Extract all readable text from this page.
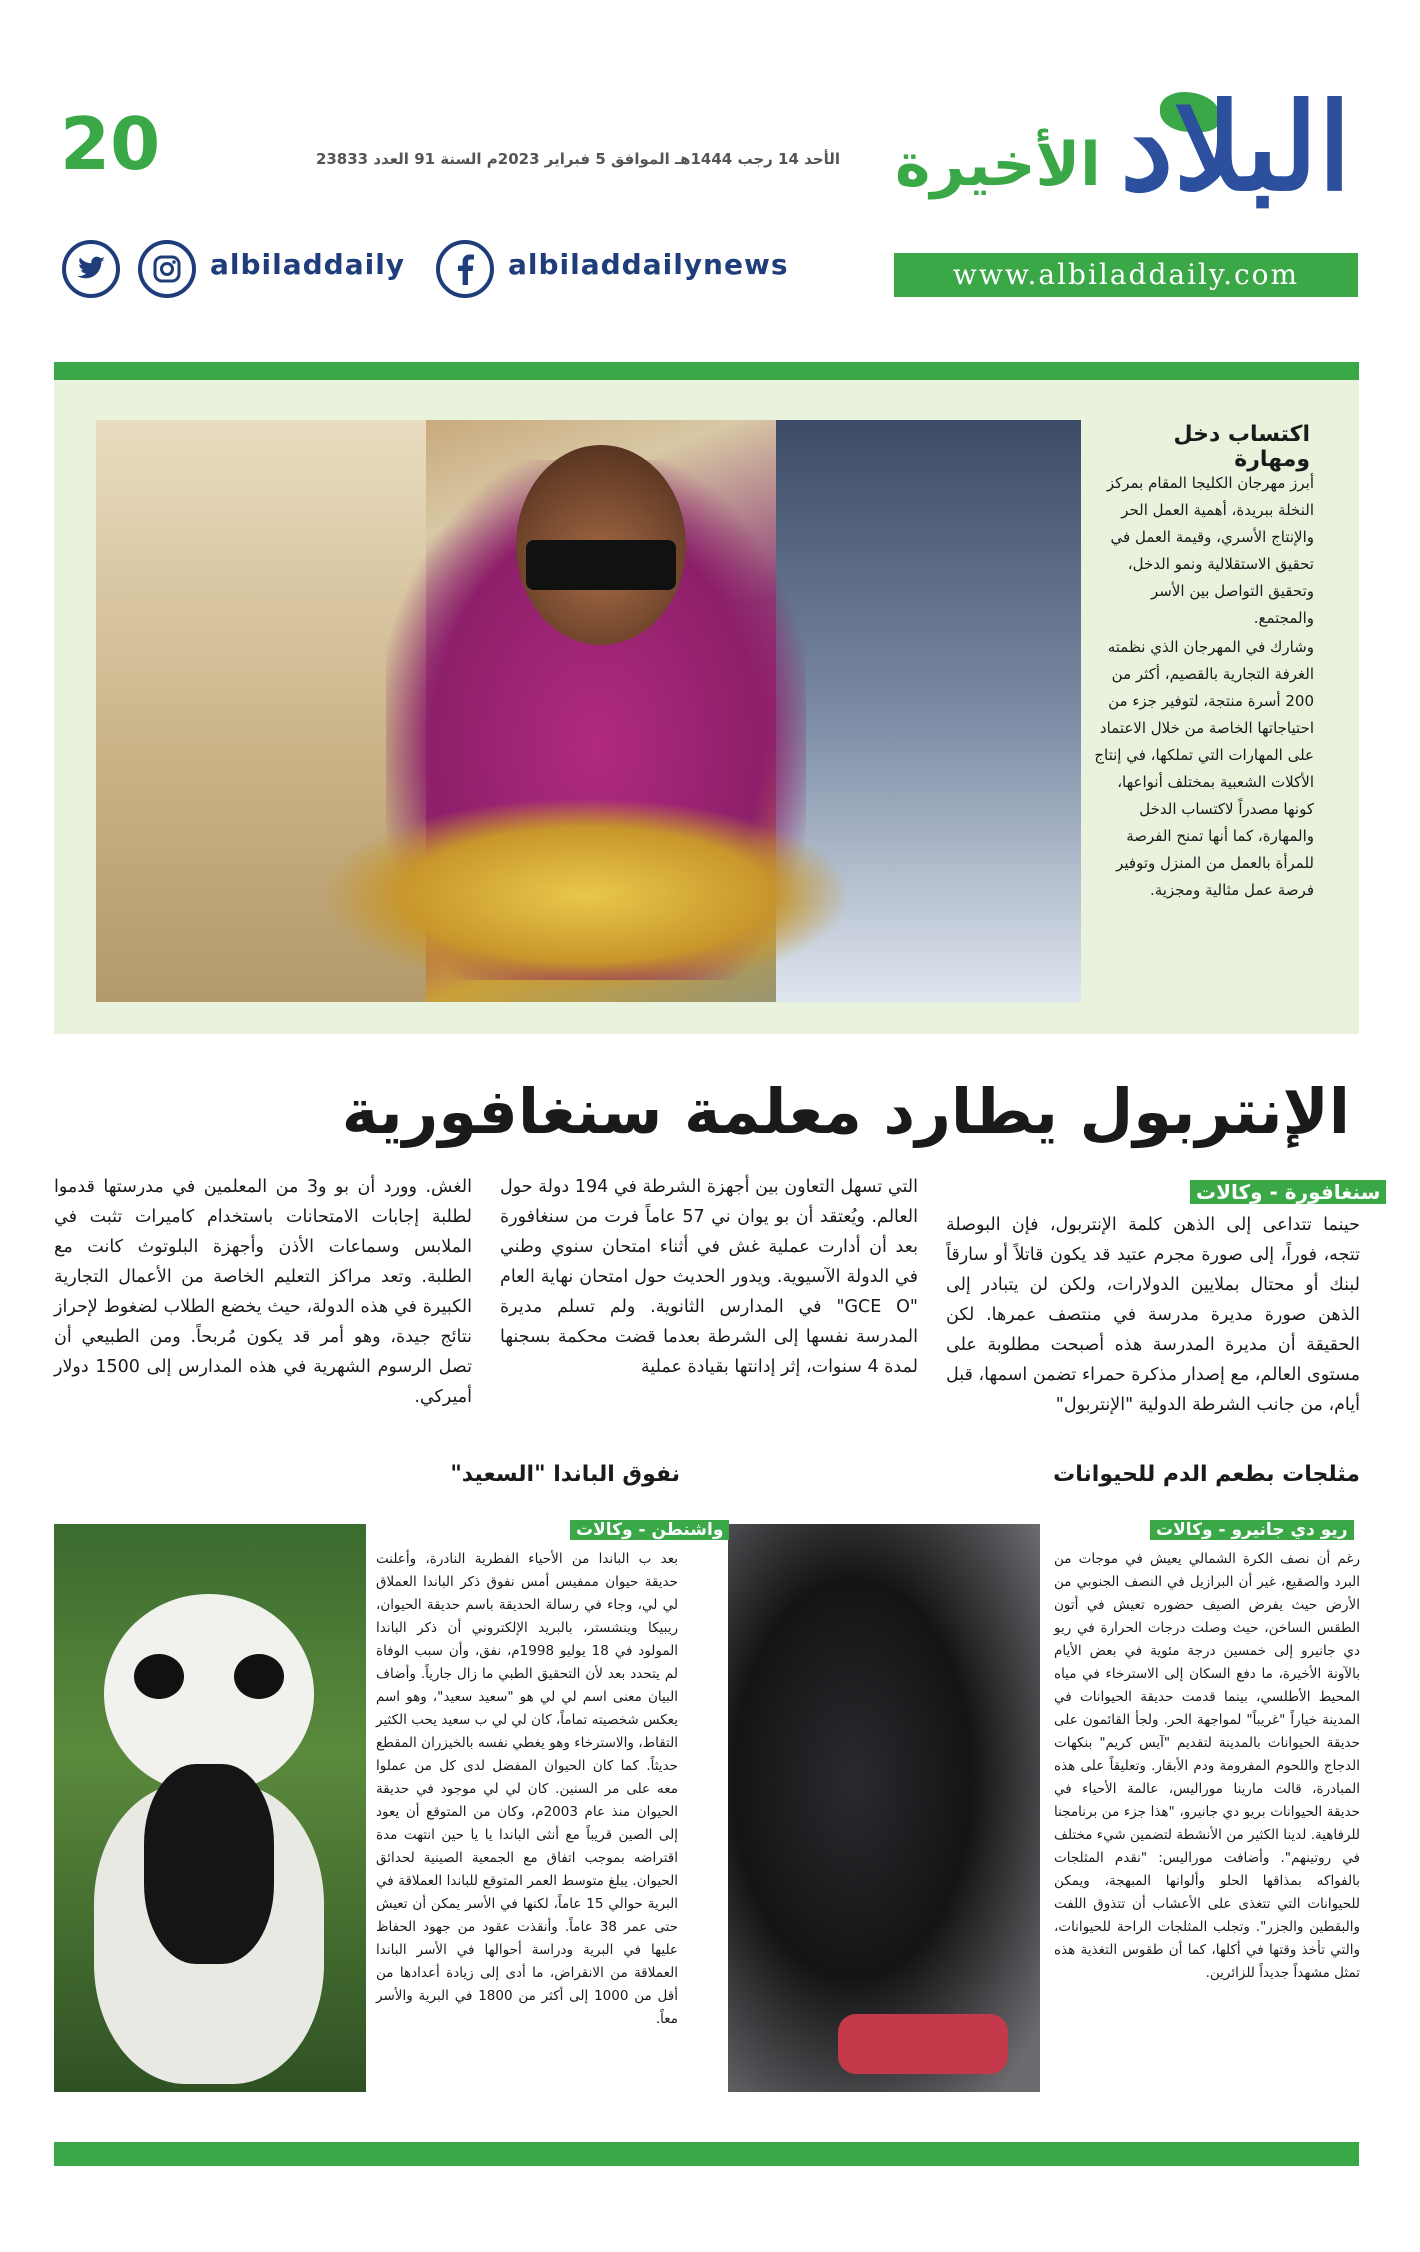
20	الأحد 14 رجب 1444هـ الموافق 5 فبراير 2023م السنة 91 العدد 23833 البلاد
الأخيرة
www.albiladdaily.com
albiladdaily	albiladdailynews
اكتساب دخل ومهارة

أبرز مهرجان الكليجا المقام بمركز النخلة ببريدة، أهمية العمل الحر والإنتاج الأسري، وقيمة العمل في تحقيق الاستقلالية ونمو الدخل، وتحقيق التواصل بين الأسر والمجتمع.

وشارك في المهرجان الذي نظمته الغرفة التجارية بالقصيم، أكثر من 200 أسرة منتجة، لتوفير جزء من احتياجاتها الخاصة من خلال الاعتماد على المهارات التي تملكها، في إنتاج الأكلات الشعبية بمختلف أنواعها، كونها مصدراً لاكتساب الدخل والمهارة، كما أنها تمنح الفرصة للمرأة بالعمل من المنزل وتوفير فرصة عمل مثالية ومجزية.

الإنتربول يطارد معلمة سنغافورية
سنغافورة - وكالات
حينما تتداعى إلى الذهن كلمة الإنتربول، فإن البوصلة تتجه، فوراً، إلى صورة مجرم عتيد قد يكون قاتلاً أو سارقاً لبنك أو محتال بملايين الدولارات، ولكن لن يتبادر إلى الذهن صورة مديرة مدرسة في منتصف عمرها. لكن الحقيقة أن مديرة المدرسة هذه أصبحت مطلوبة على مستوى العالم، مع إصدار مذكرة حمراء تضمن اسمها، قبل أيام، من جانب الشرطة الدولية "الإنتربول"
التي تسهل التعاون بين أجهزة الشرطة في 194 دولة حول العالم. ويُعتقد أن بو يوان ني 57 عاماً فرت من سنغافورة بعد أن أدارت عملية غش في أثناء امتحان سنوي وطني في الدولة الآسيوية. ويدور الحديث حول امتحان نهاية العام "GCE O" في المدارس الثانوية. ولم تسلم مديرة المدرسة نفسها إلى الشرطة بعدما قضت محكمة بسجنها لمدة 4 سنوات، إثر إدانتها بقيادة عملية
الغش. وورد أن بو و3 من المعلمين في مدرستها قدموا لطلبة إجابات الامتحانات باستخدام كاميرات تثبت في الملابس وسماعات الأذن وأجهزة البلوتوث كانت مع الطلبة. وتعد مراكز التعليم الخاصة من الأعمال التجارية الكبيرة في هذه الدولة، حيث يخضع الطلاب لضغوط لإحراز نتائج جيدة، وهو أمر قد يكون مُربحاً. ومن الطبيعي أن تصل الرسوم الشهرية في هذه المدارس إلى 1500 دولار أميركي.
مثلجات بطعم الدم للحيوانات
نفوق الباندا "السعيد"
ريو دي جانيرو - وكالات
رغم أن نصف الكرة الشمالي يعيش في موجات من البرد والصقيع، غير أن البرازيل في النصف الجنوبي من الأرض حيث يفرض الصيف حضوره تعيش في أتون الطقس الساخن، حيث وصلت درجات الحرارة في ريو دي جانيرو إلى خمسين درجة مئوية في بعض الأيام بالآونة الأخيرة، ما دفع السكان إلى الاسترخاء في مياه المحيط الأطلسي، بينما قدمت حديقة الحيوانات في المدينة خياراً "غريباً" لمواجهة الحر. ولجأ القائمون على حديقة الحيوانات بالمدينة لتقديم "آيس كريم" بنكهات الدجاج واللحوم المفرومة ودم الأبقار. وتعليقاً على هذه المبادرة، قالت مارينا موراليس، عالمة الأحياء في حديقة الحيوانات بريو دي جانيرو، "هذا جزء من برنامجنا للرفاهية. لدينا الكثير من الأنشطة لتضمين شيء مختلف في روتينهم". وأضافت موراليس: "نقدم المثلجات بالفواكه بمذاقها الحلو وألوانها المبهجة، ويمكن للحيوانات التي تتغذى على الأعشاب أن تتذوق اللفت والبقطين والجزر". وتجلب المثلجات الراحة للحيوانات، والتي تأخذ وقتها في أكلها، كما أن طقوس التغذية هذه تمثل مشهداً جديداً للزائرين.
واشنطن - وكالات
بعد ب الباندا من الأحياء الفطرية النادرة، وأعلنت حديقة حيوان ممفيس أمس نفوق ذكر الباندا العملاق لي لي، وجاء في رسالة الحديقة باسم حديقة الحيوان، ريبيكا وينشستر، بالبريد الإلكتروني أن ذكر الباندا المولود في 18 يوليو 1998م، نفق، وأن سبب الوفاة لم يتحدد بعد لأن التحقيق الطبي ما زال جارياً. وأضاف البيان معنى اسم لي لي هو "سعيد سعيد"، وهو اسم يعكس شخصيته تماماً، كان لي لي ب سعيد يحب الكثير التقاط، والاسترخاء وهو يغطي نفسه بالخيزران المقطع حديثاً. كما كان الحيوان المفضل لدى كل من عملوا معه على مر السنين. كان لي لي موجود في حديقة الحيوان منذ عام 2003م، وكان من المتوقع أن يعود إلى الصين قريباً مع أنثى الباندا يا يا حين انتهت مدة اقتراضه بموجب اتفاق مع الجمعية الصينية لحدائق الحيوان. يبلغ متوسط العمر المتوقع للباندا العملاقة في البرية حوالي 15 عاماً، لكنها في الأسر يمكن أن تعيش حتى عمر 38 عاماً. وأنقذت عقود من جهود الحفاظ عليها في البرية ودراسة أحوالها في الأسر الباندا العملاقة من الانقراض، ما أدى إلى زيادة أعدادها من أقل من 1000 إلى أكثر من 1800 في البرية والأسر معاً.
